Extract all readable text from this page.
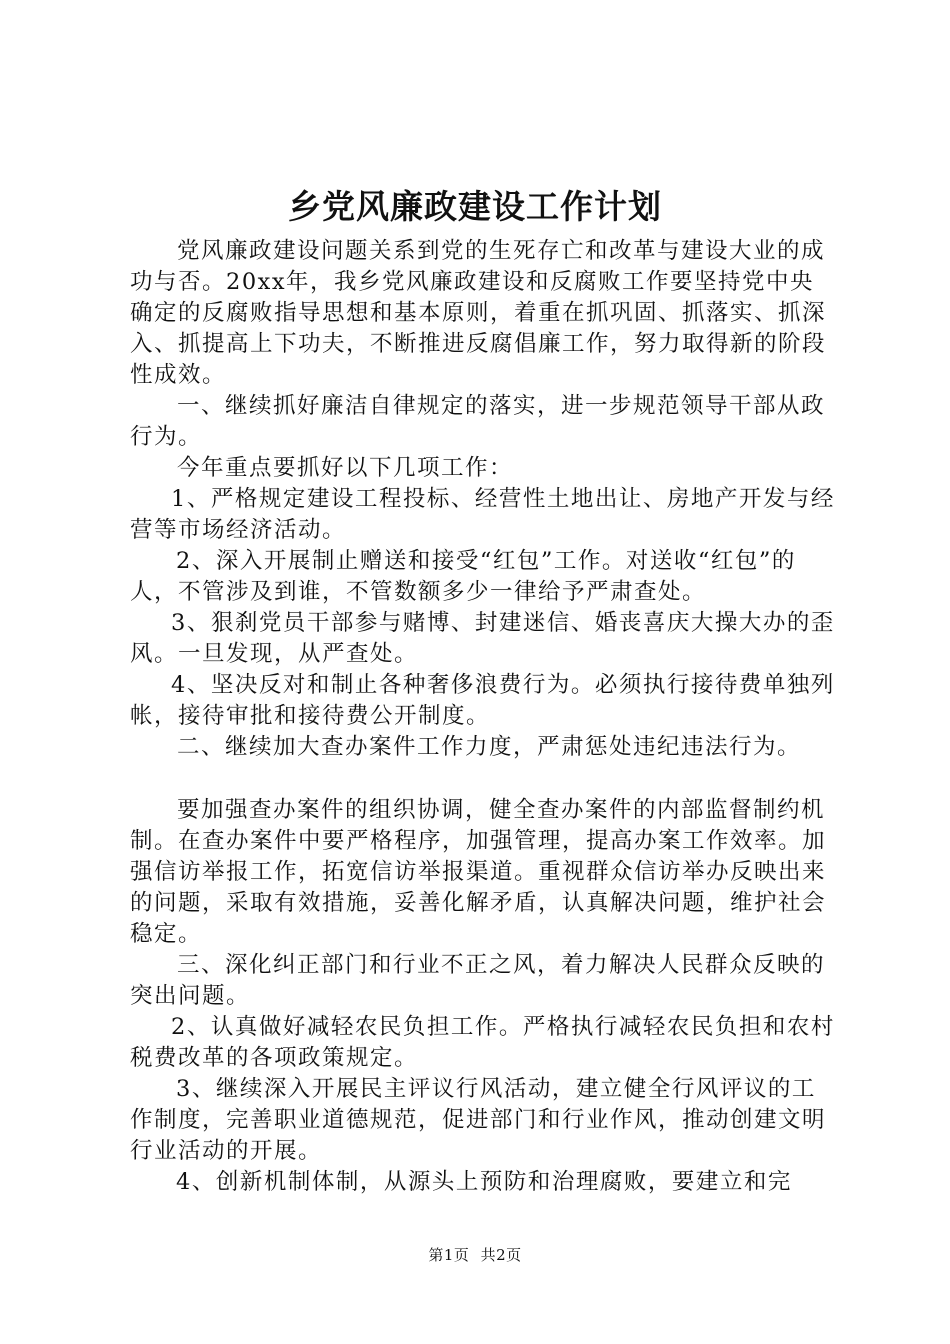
乡党风廉政建设工作计划

党风廉政建设问题关系到党的生死存亡和改革与建设大业的成功与否。20xx年，我乡党风廉政建设和反腐败工作要坚持党中央确定的反腐败指导思想和基本原则，着重在抓巩固、抓落实、抓深入、抓提高上下功夫，不断推进反腐倡廉工作，努力取得新的阶段性成效。

一、继续抓好廉洁自律规定的落实，进一步规范领导干部从政行为。

今年重点要抓好以下几项工作：

1、严格规定建设工程投标、经营性土地出让、房地产开发与经营等市场经济活动。

2、深入开展制止赠送和接受“红包”工作。对送收“红包”的人，不管涉及到谁，不管数额多少一律给予严肃查处。

3、狠刹党员干部参与赌博、封建迷信、婚丧喜庆大操大办的歪风。一旦发现，从严查处。

4、坚决反对和制止各种奢侈浪费行为。必须执行接待费单独列帐，接待审批和接待费公开制度。

二、继续加大查办案件工作力度，严肃惩处违纪违法行为。

要加强查办案件的组织协调，健全查办案件的内部监督制约机制。在查办案件中要严格程序，加强管理，提高办案工作效率。加强信访举报工作，拓宽信访举报渠道。重视群众信访举办反映出来的问题，采取有效措施，妥善化解矛盾，认真解决问题，维护社会稳定。

三、深化纠正部门和行业不正之风，着力解决人民群众反映的突出问题。

2、认真做好减轻农民负担工作。严格执行减轻农民负担和农村税费改革的各项政策规定。

3、继续深入开展民主评议行风活动，建立健全行风评议的工作制度，完善职业道德规范，促进部门和行业作风，推动创建文明行业活动的开展。

4、创新机制体制，从源头上预防和治理腐败，要建立和完

第1页 共2页
